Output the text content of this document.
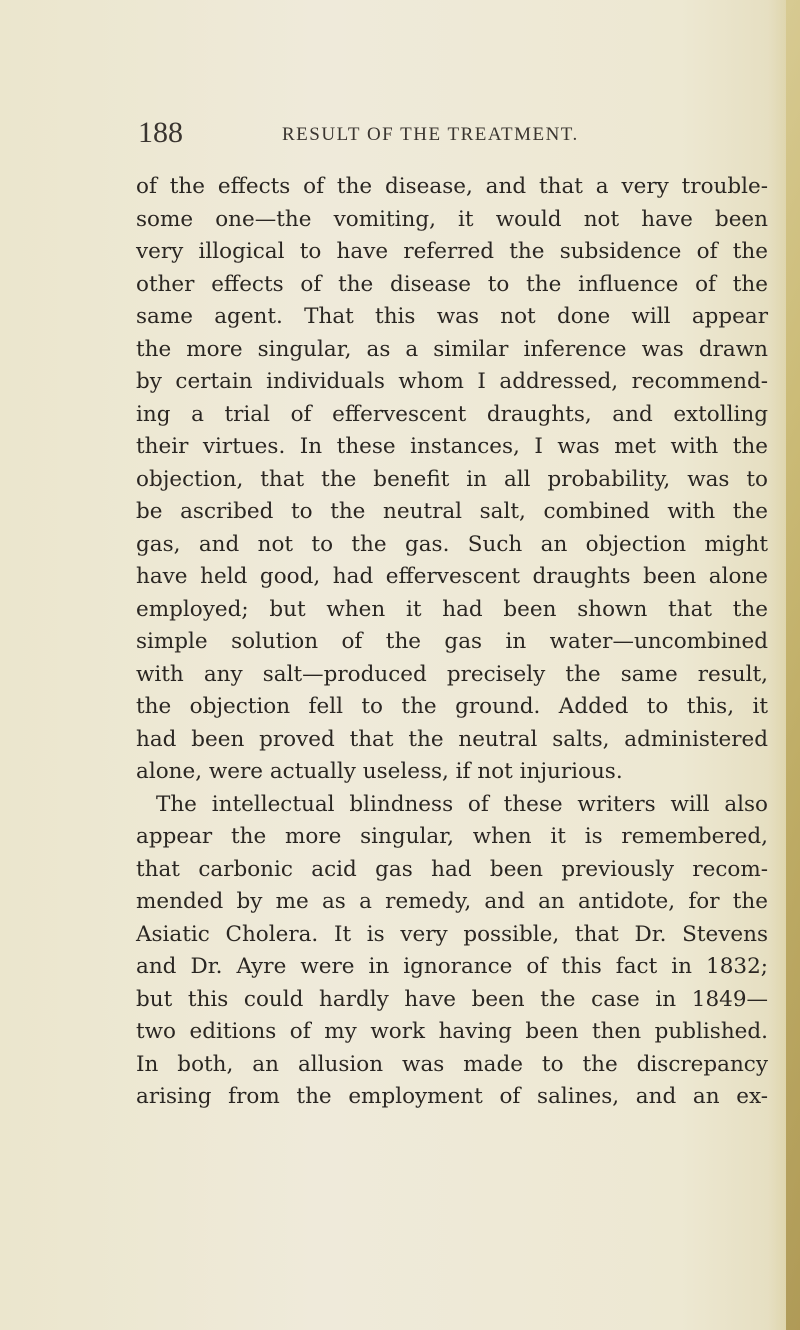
188	RESULT OF THE TREATMENT.
of the effects of the disease, and that a very trouble-
some one—the vomiting, it would not have been
very illogical to have referred the subsidence of the
other effects of the disease to the influence of the
same agent. That this was not done will appear
the more singular, as a similar inference was drawn
by certain individuals whom I addressed, recommend-
ing a trial of effervescent draughts, and extolling
their virtues. In these instances, I was met with the
objection, that the benefit in all probability, was to
be ascribed to the neutral salt, combined with the
gas, and not to the gas. Such an objection might
have held good, had effervescent draughts been alone
employed; but when it had been shown that the
simple solution of the gas in water—uncombined
with any salt—produced precisely the same result,
the objection fell to the ground. Added to this, it
had been proved that the neutral salts, administered
alone, were actually useless, if not injurious.
The intellectual blindness of these writers will also
appear the more singular, when it is remembered,
that carbonic acid gas had been previously recom-
mended by me as a remedy, and an antidote, for the
Asiatic Cholera. It is very possible, that Dr. Stevens
and Dr. Ayre were in ignorance of this fact in 1832;
but this could hardly have been the case in 1849—
two editions of my work having been then published.
In both, an allusion was made to the discrepancy
arising from the employment of salines, and an ex-
